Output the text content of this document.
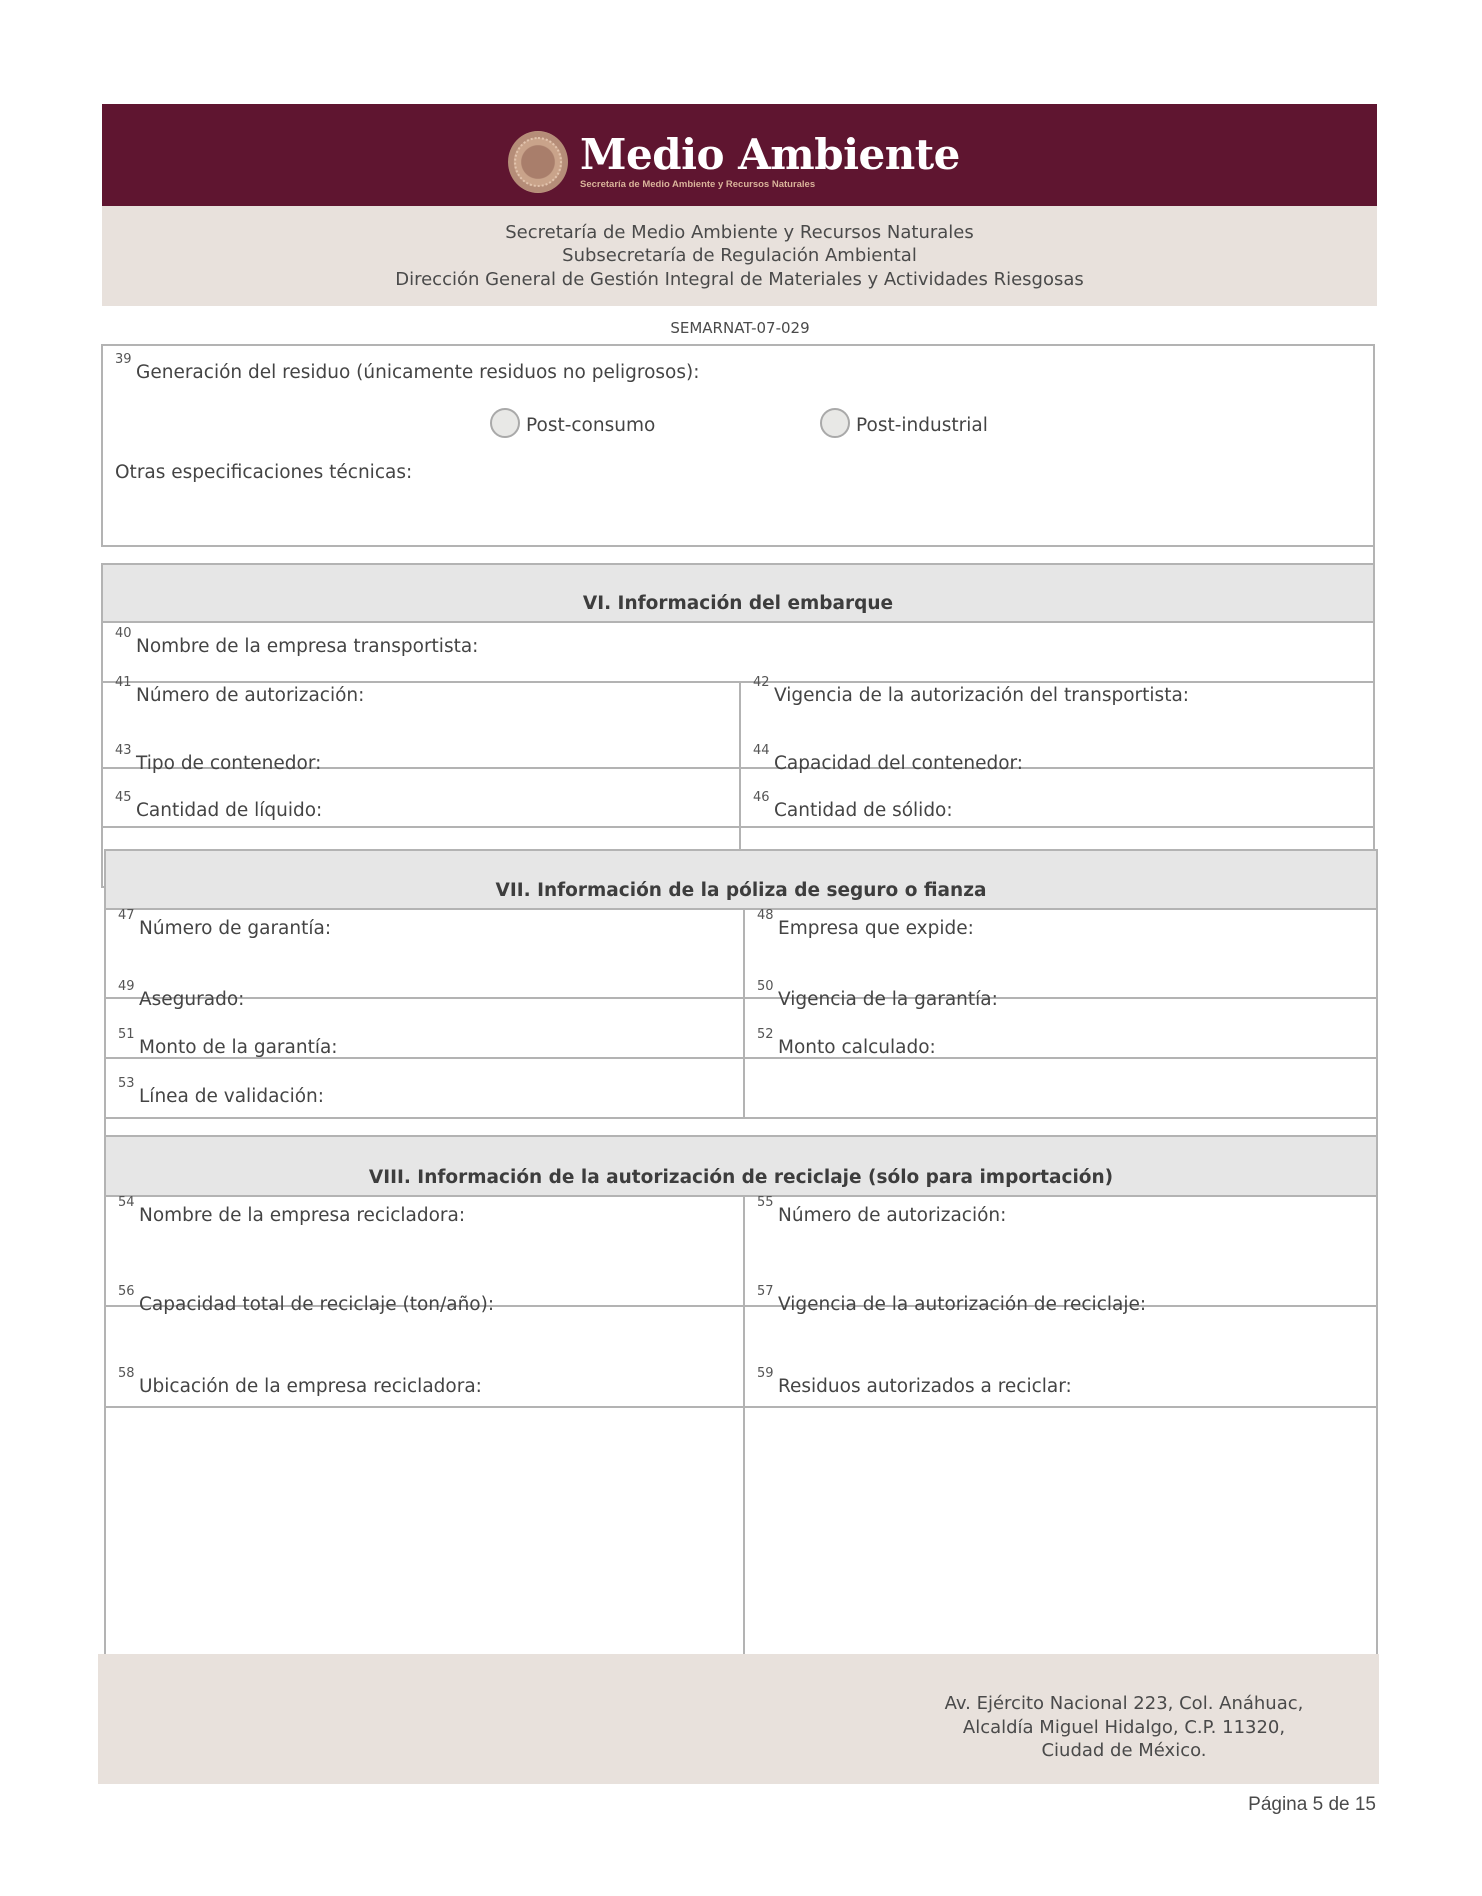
Medio Ambiente
Secretaría de Medio Ambiente y Recursos Naturales
Secretaría de Medio Ambiente y Recursos Naturales
Subsecretaría de Regulación Ambiental
Dirección General de Gestión Integral de Materiales y Actividades Riesgosas
SEMARNAT-07-029
39
Generación del residuo (únicamente residuos no peligrosos):
Post-consumo	Post-industrial
Otras especificaciones técnicas:
VI. Información del embarque
40
Nombre de la empresa transportista:
41
Número de autorización:
42
Vigencia de la autorización del transportista:
43
Tipo de contenedor:
44
Capacidad del contenedor:
45
Cantidad de líquido:
46
Cantidad de sólido:
VII. Información de la póliza de seguro o fianza
47
Número de garantía:
48
Empresa que expide:
49
Asegurado:
50
Vigencia de la garantía:
51
Monto de la garantía:
52
Monto calculado:
53
Línea de validación:
VIII. Información de la autorización de reciclaje (sólo para importación)
54
Nombre de la empresa recicladora:
55
Número de autorización:
56
Capacidad total de reciclaje (ton/año):
57
Vigencia de la autorización de reciclaje:
58
Ubicación de la empresa recicladora:
59
Residuos autorizados a reciclar:
Av. Ejército Nacional 223, Col. Anáhuac,
Alcaldía Miguel Hidalgo, C.P. 11320,
Ciudad de México.
Página 5 de 15
